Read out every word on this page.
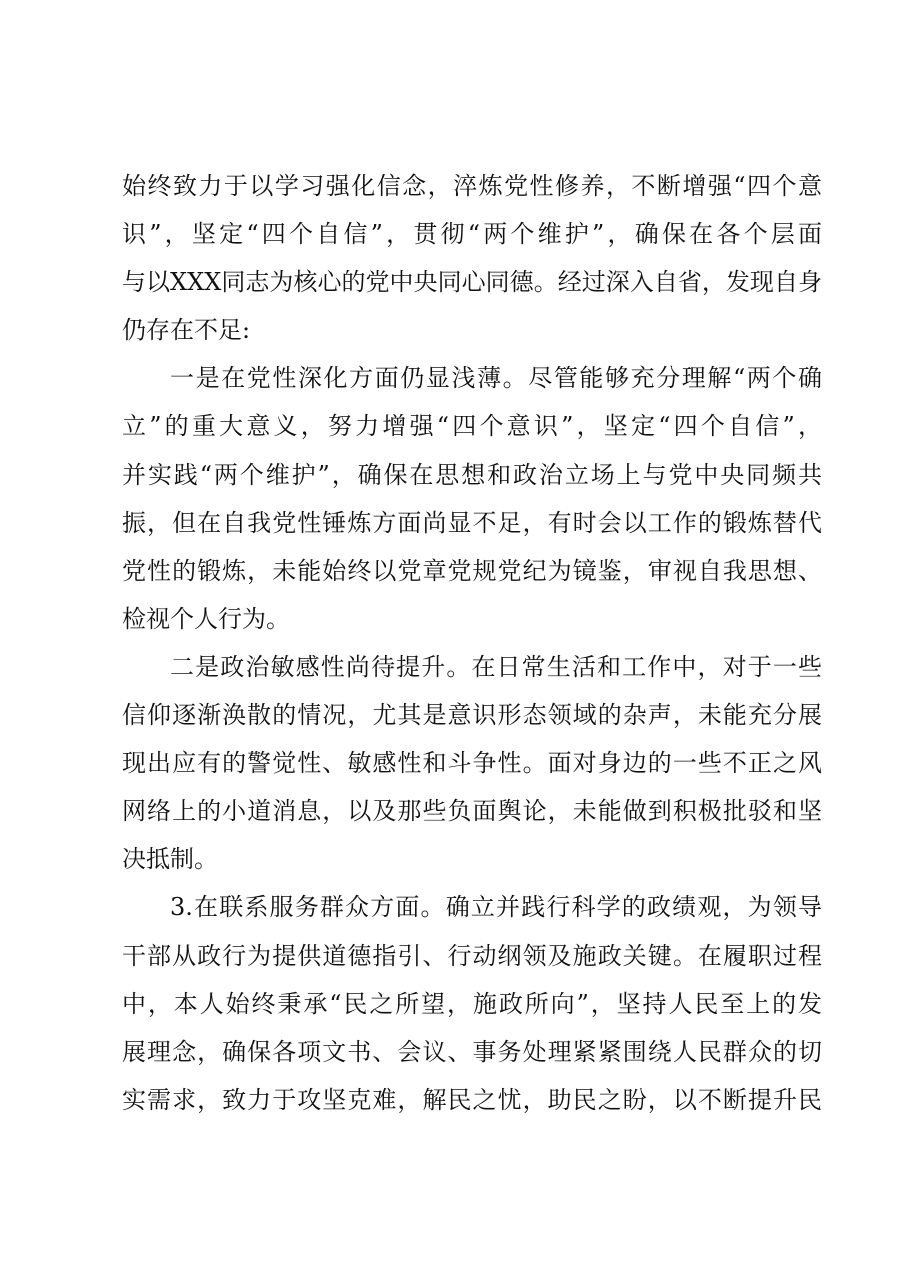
始终致力于以学习强化信念，淬炼党性修养，不断增强“四个意
识”，坚定“四个自信”，贯彻“两个维护”，确保在各个层面
与以XXX同志为核心的党中央同心同德。经过深入自省，发现自身
仍存在不足:
一是在党性深化方面仍显浅薄。尽管能够充分理解“两个确
立”的重大意义，努力增强“四个意识”，坚定“四个自信”，
并实践“两个维护”，确保在思想和政治立场上与党中央同频共
振，但在自我党性锤炼方面尚显不足，有时会以工作的锻炼替代
党性的锻炼，未能始终以党章党规党纪为镜鉴，审视自我思想、
检视个人行为。
二是政治敏感性尚待提升。在日常生活和工作中，对于一些
信仰逐渐涣散的情况，尤其是意识形态领域的杂声，未能充分展
现出应有的警觉性、敏感性和斗争性。面对身边的一些不正之风
网络上的小道消息，以及那些负面舆论，未能做到积极批驳和坚
决抵制。
3.在联系服务群众方面。确立并践行科学的政绩观，为领导
干部从政行为提供道德指引、行动纲领及施政关键。在履职过程
中，本人始终秉承“民之所望，施政所向”，坚持人民至上的发
展理念，确保各项文书、会议、事务处理紧紧围绕人民群众的切
实需求，致力于攻坚克难，解民之忧，助民之盼，以不断提升民
